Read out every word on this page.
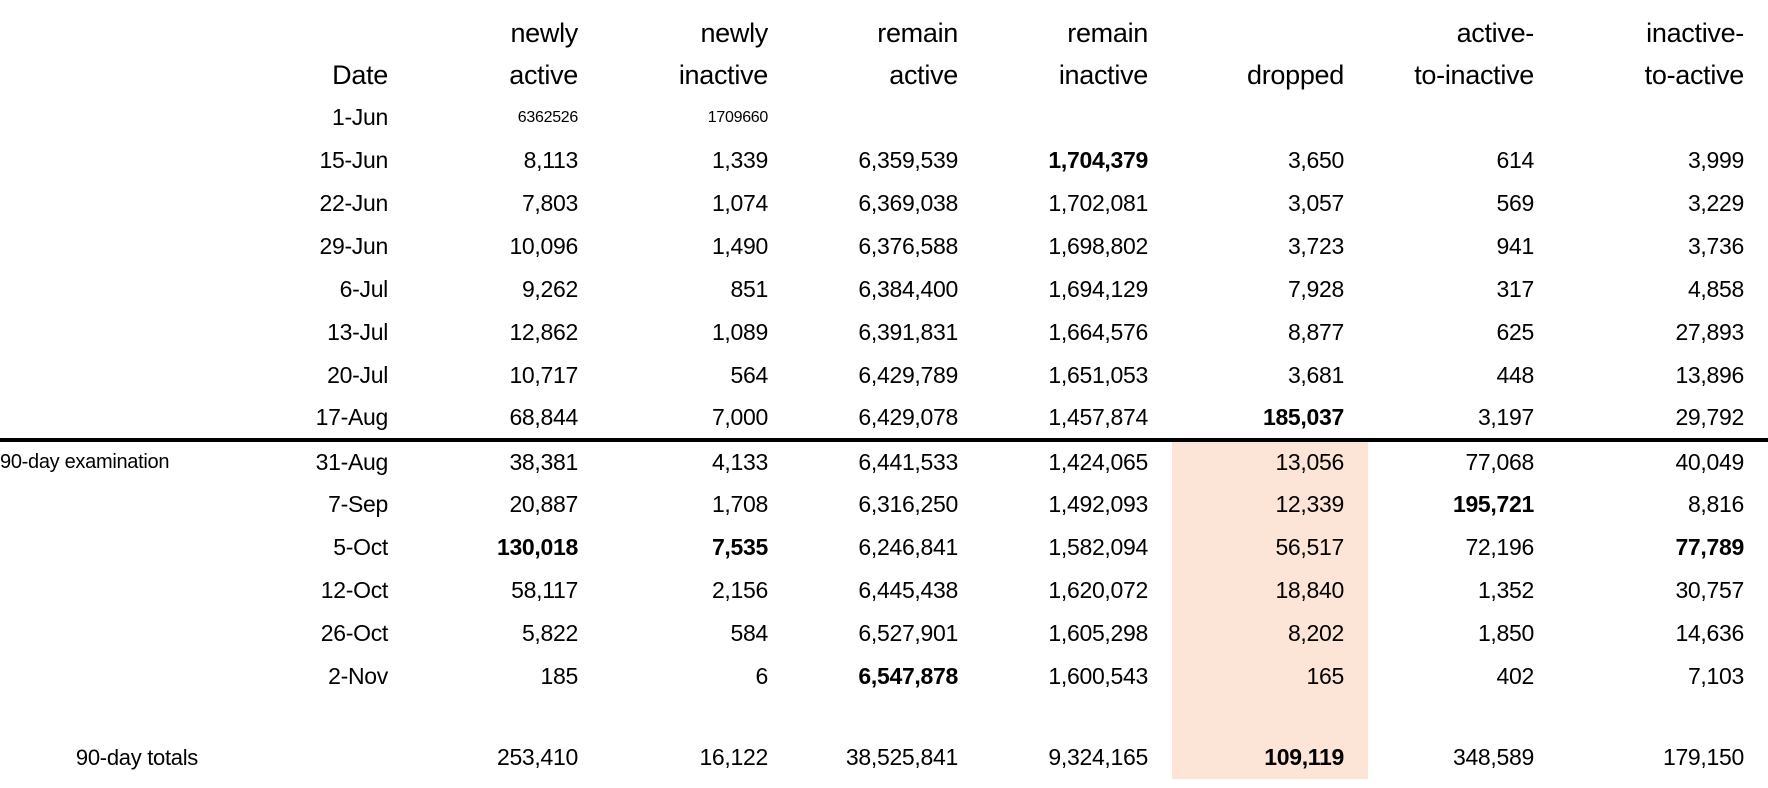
		newly	newly	remain	remain		active-	inactive-
	Date	active	inactive	active	inactive	dropped	to-inactive	to-active
	1-Jun	6362526	1709660					
	15-Jun	8,113	1,339	6,359,539	1,704,379	3,650	614	3,999
	22-Jun	7,803	1,074	6,369,038	1,702,081	3,057	569	3,229
	29-Jun	10,096	1,490	6,376,588	1,698,802	3,723	941	3,736
	6-Jul	9,262	851	6,384,400	1,694,129	7,928	317	4,858
	13-Jul	12,862	1,089	6,391,831	1,664,576	8,877	625	27,893
	20-Jul	10,717	564	6,429,789	1,651,053	3,681	448	13,896
	17-Aug	68,844	7,000	6,429,078	1,457,874	185,037	3,197	29,792
90-day examination	31-Aug	38,381	4,133	6,441,533	1,424,065	13,056	77,068	40,049
	7-Sep	20,887	1,708	6,316,250	1,492,093	12,339	195,721	8,816
	5-Oct	130,018	7,535	6,246,841	1,582,094	56,517	72,196	77,789
	12-Oct	58,117	2,156	6,445,438	1,620,072	18,840	1,352	30,757
	26-Oct	5,822	584	6,527,901	1,605,298	8,202	1,850	14,636
	2-Nov	185	6	6,547,878	1,600,543	165	402	7,103

90-day totals		253,410	16,122	38,525,841	9,324,165	109,119	348,589	179,150
